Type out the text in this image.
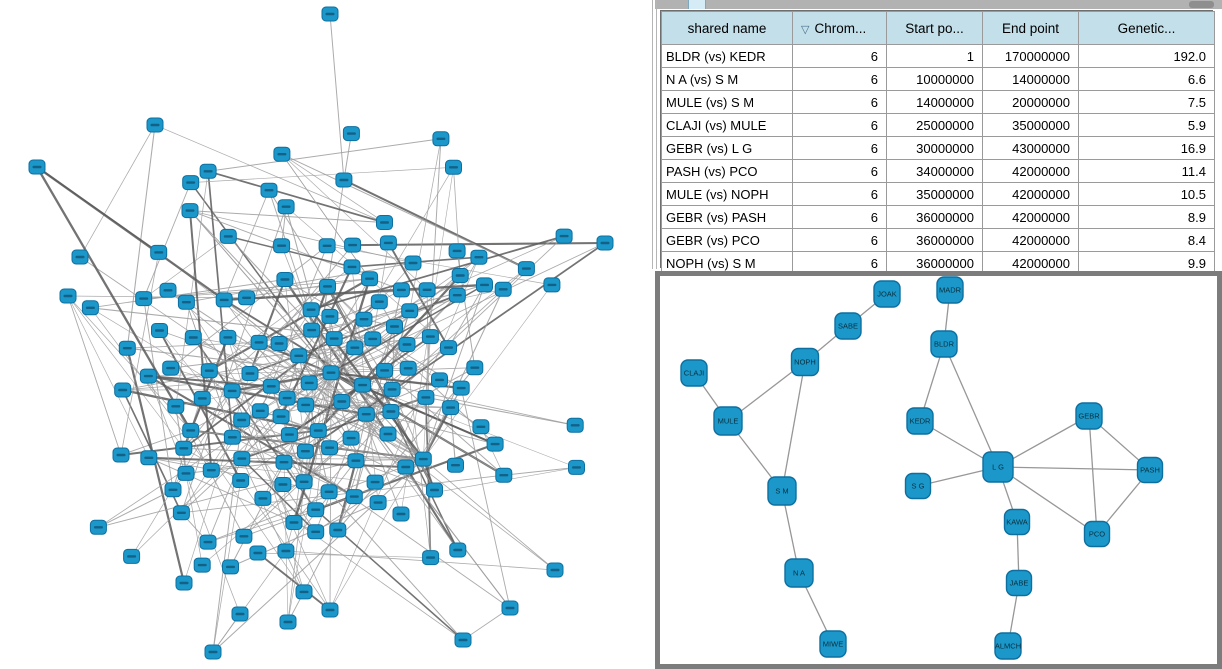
shared name	▽ Chrom...	Start po...	End point	Genetic...
BLDR (vs) KEDR	6	1	170000000	192.0
N A (vs) S M	6	10000000	14000000	6.6
MULE (vs) S M	6	14000000	20000000	7.5
CLAJI (vs) MULE	6	25000000	35000000	5.9
GEBR (vs) L G	6	30000000	43000000	16.9
PASH (vs) PCO	6	34000000	42000000	11.4
MULE (vs) NOPH	6	35000000	42000000	10.5
GEBR (vs) PASH	6	36000000	42000000	8.9
GEBR (vs) PCO	6	36000000	42000000	8.4
NOPH (vs) S M	6	36000000	42000000	9.9
JOAK
SABE
NOPH
CLAJI
MULE
S M
N A
MIWE
MADR
BLDR
KEDR
S G
L G
GEBR
PASH
KAWA
PCO
JABE
ALMCH
